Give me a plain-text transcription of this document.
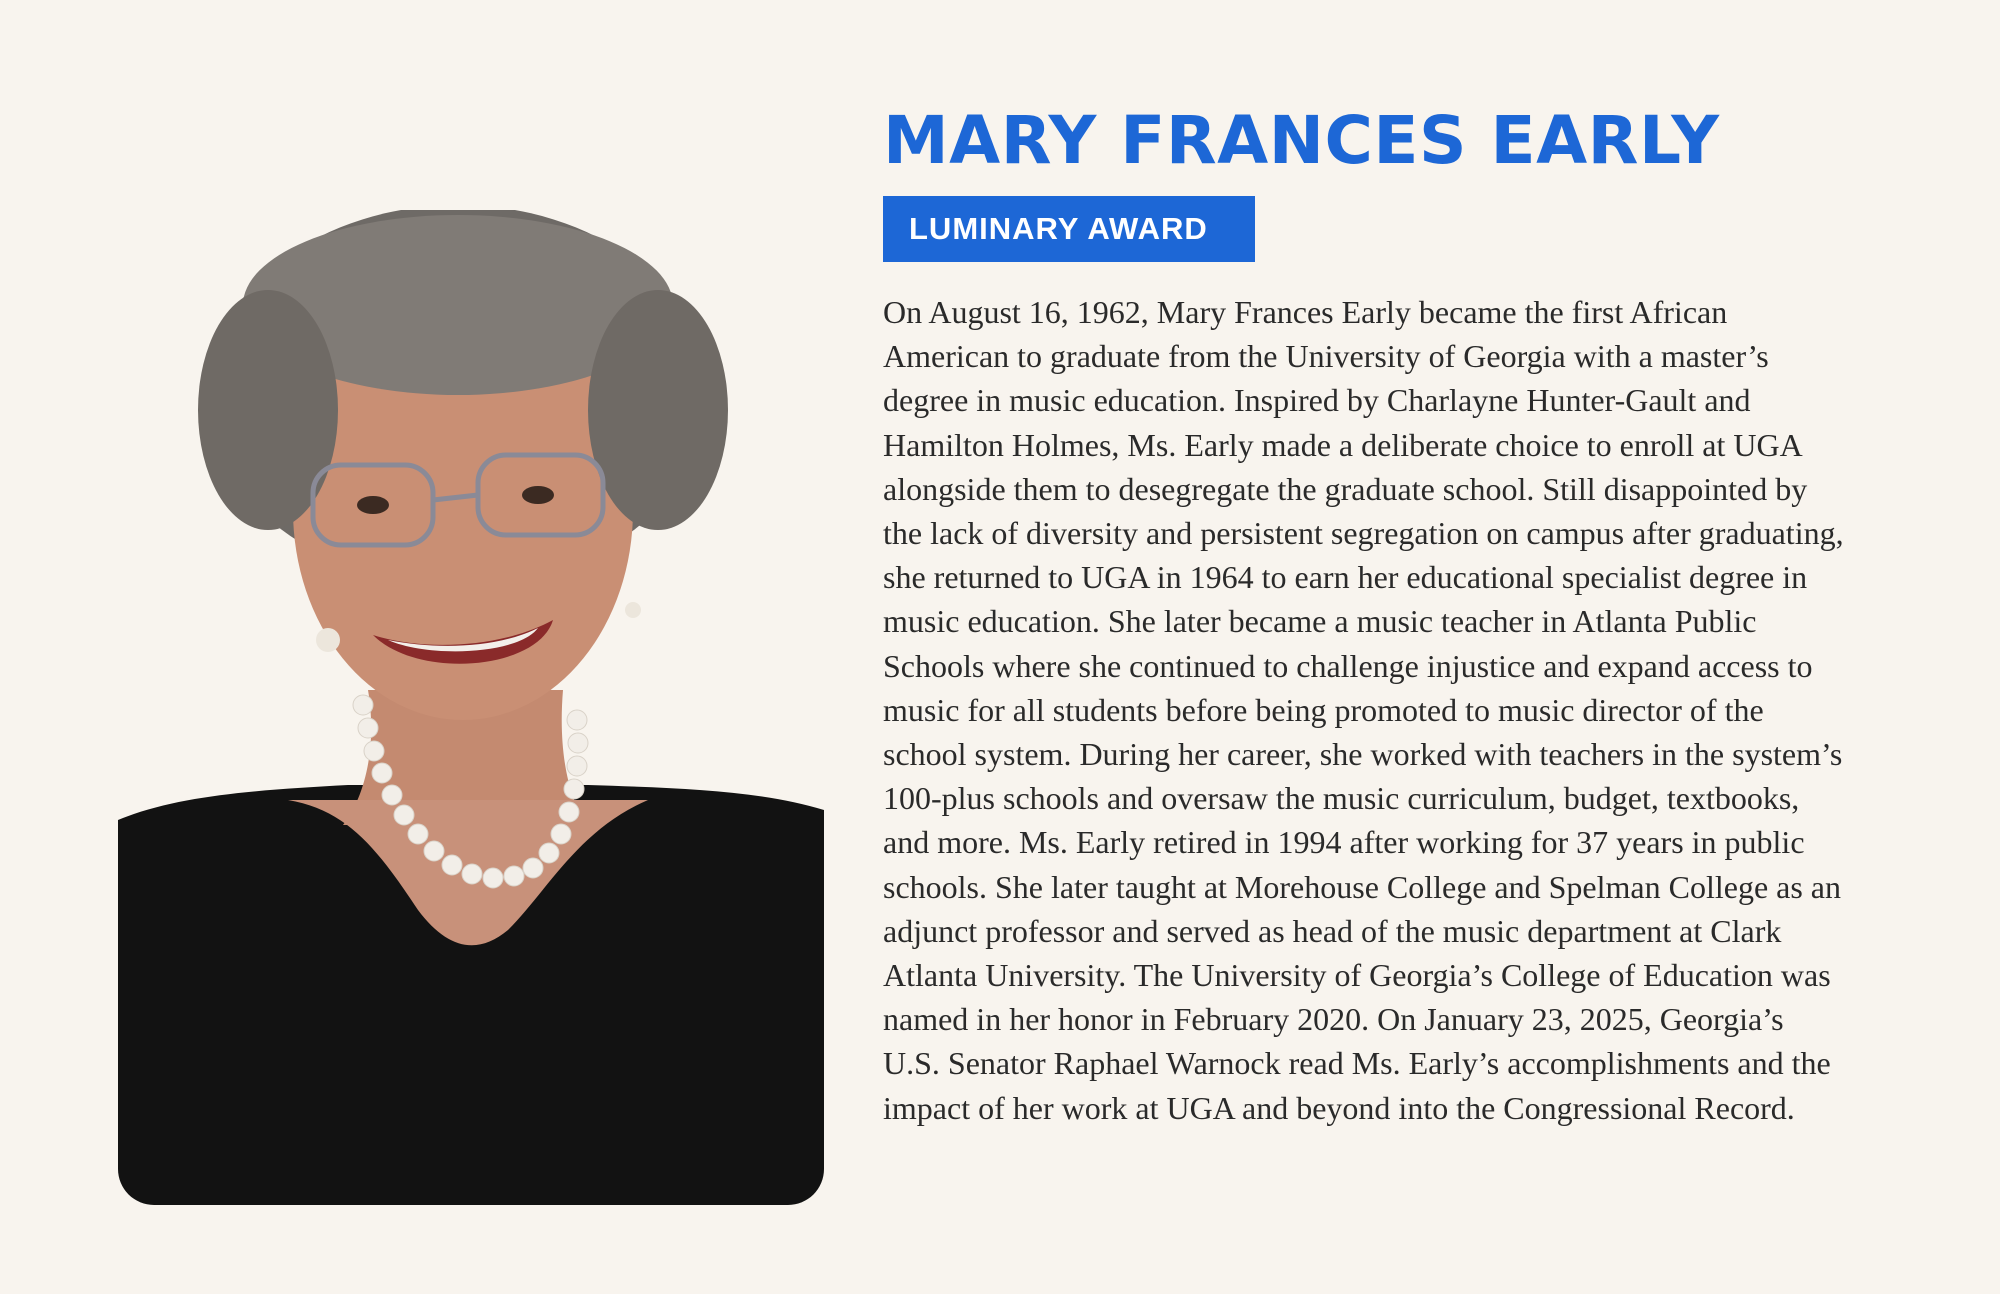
MARY FRANCES EARLY
LUMINARY AWARD
On August 16, 1962, Mary Frances Early became the first African
American to graduate from the University of Georgia with a master’s
degree in music education. Inspired by Charlayne Hunter-Gault and
Hamilton Holmes, Ms. Early made a deliberate choice to enroll at UGA
alongside them to desegregate the graduate school. Still disappointed by
the lack of diversity and persistent segregation on campus after graduating,
she returned to UGA in 1964 to earn her educational specialist degree in
music education. She later became a music teacher in Atlanta Public
Schools where she continued to challenge injustice and expand access to
music for all students before being promoted to music director of the
school system. During her career, she worked with teachers in the system’s
100-plus schools and oversaw the music curriculum, budget, textbooks,
and more. Ms. Early retired in 1994 after working for 37 years in public
schools. She later taught at Morehouse College and Spelman College as an
adjunct professor and served as head of the music department at Clark
Atlanta University. The University of Georgia’s College of Education was
named in her honor in February 2020. On January 23, 2025, Georgia’s
U.S. Senator Raphael Warnock read Ms. Early’s accomplishments and the
impact of her work at UGA and beyond into the Congressional Record.
